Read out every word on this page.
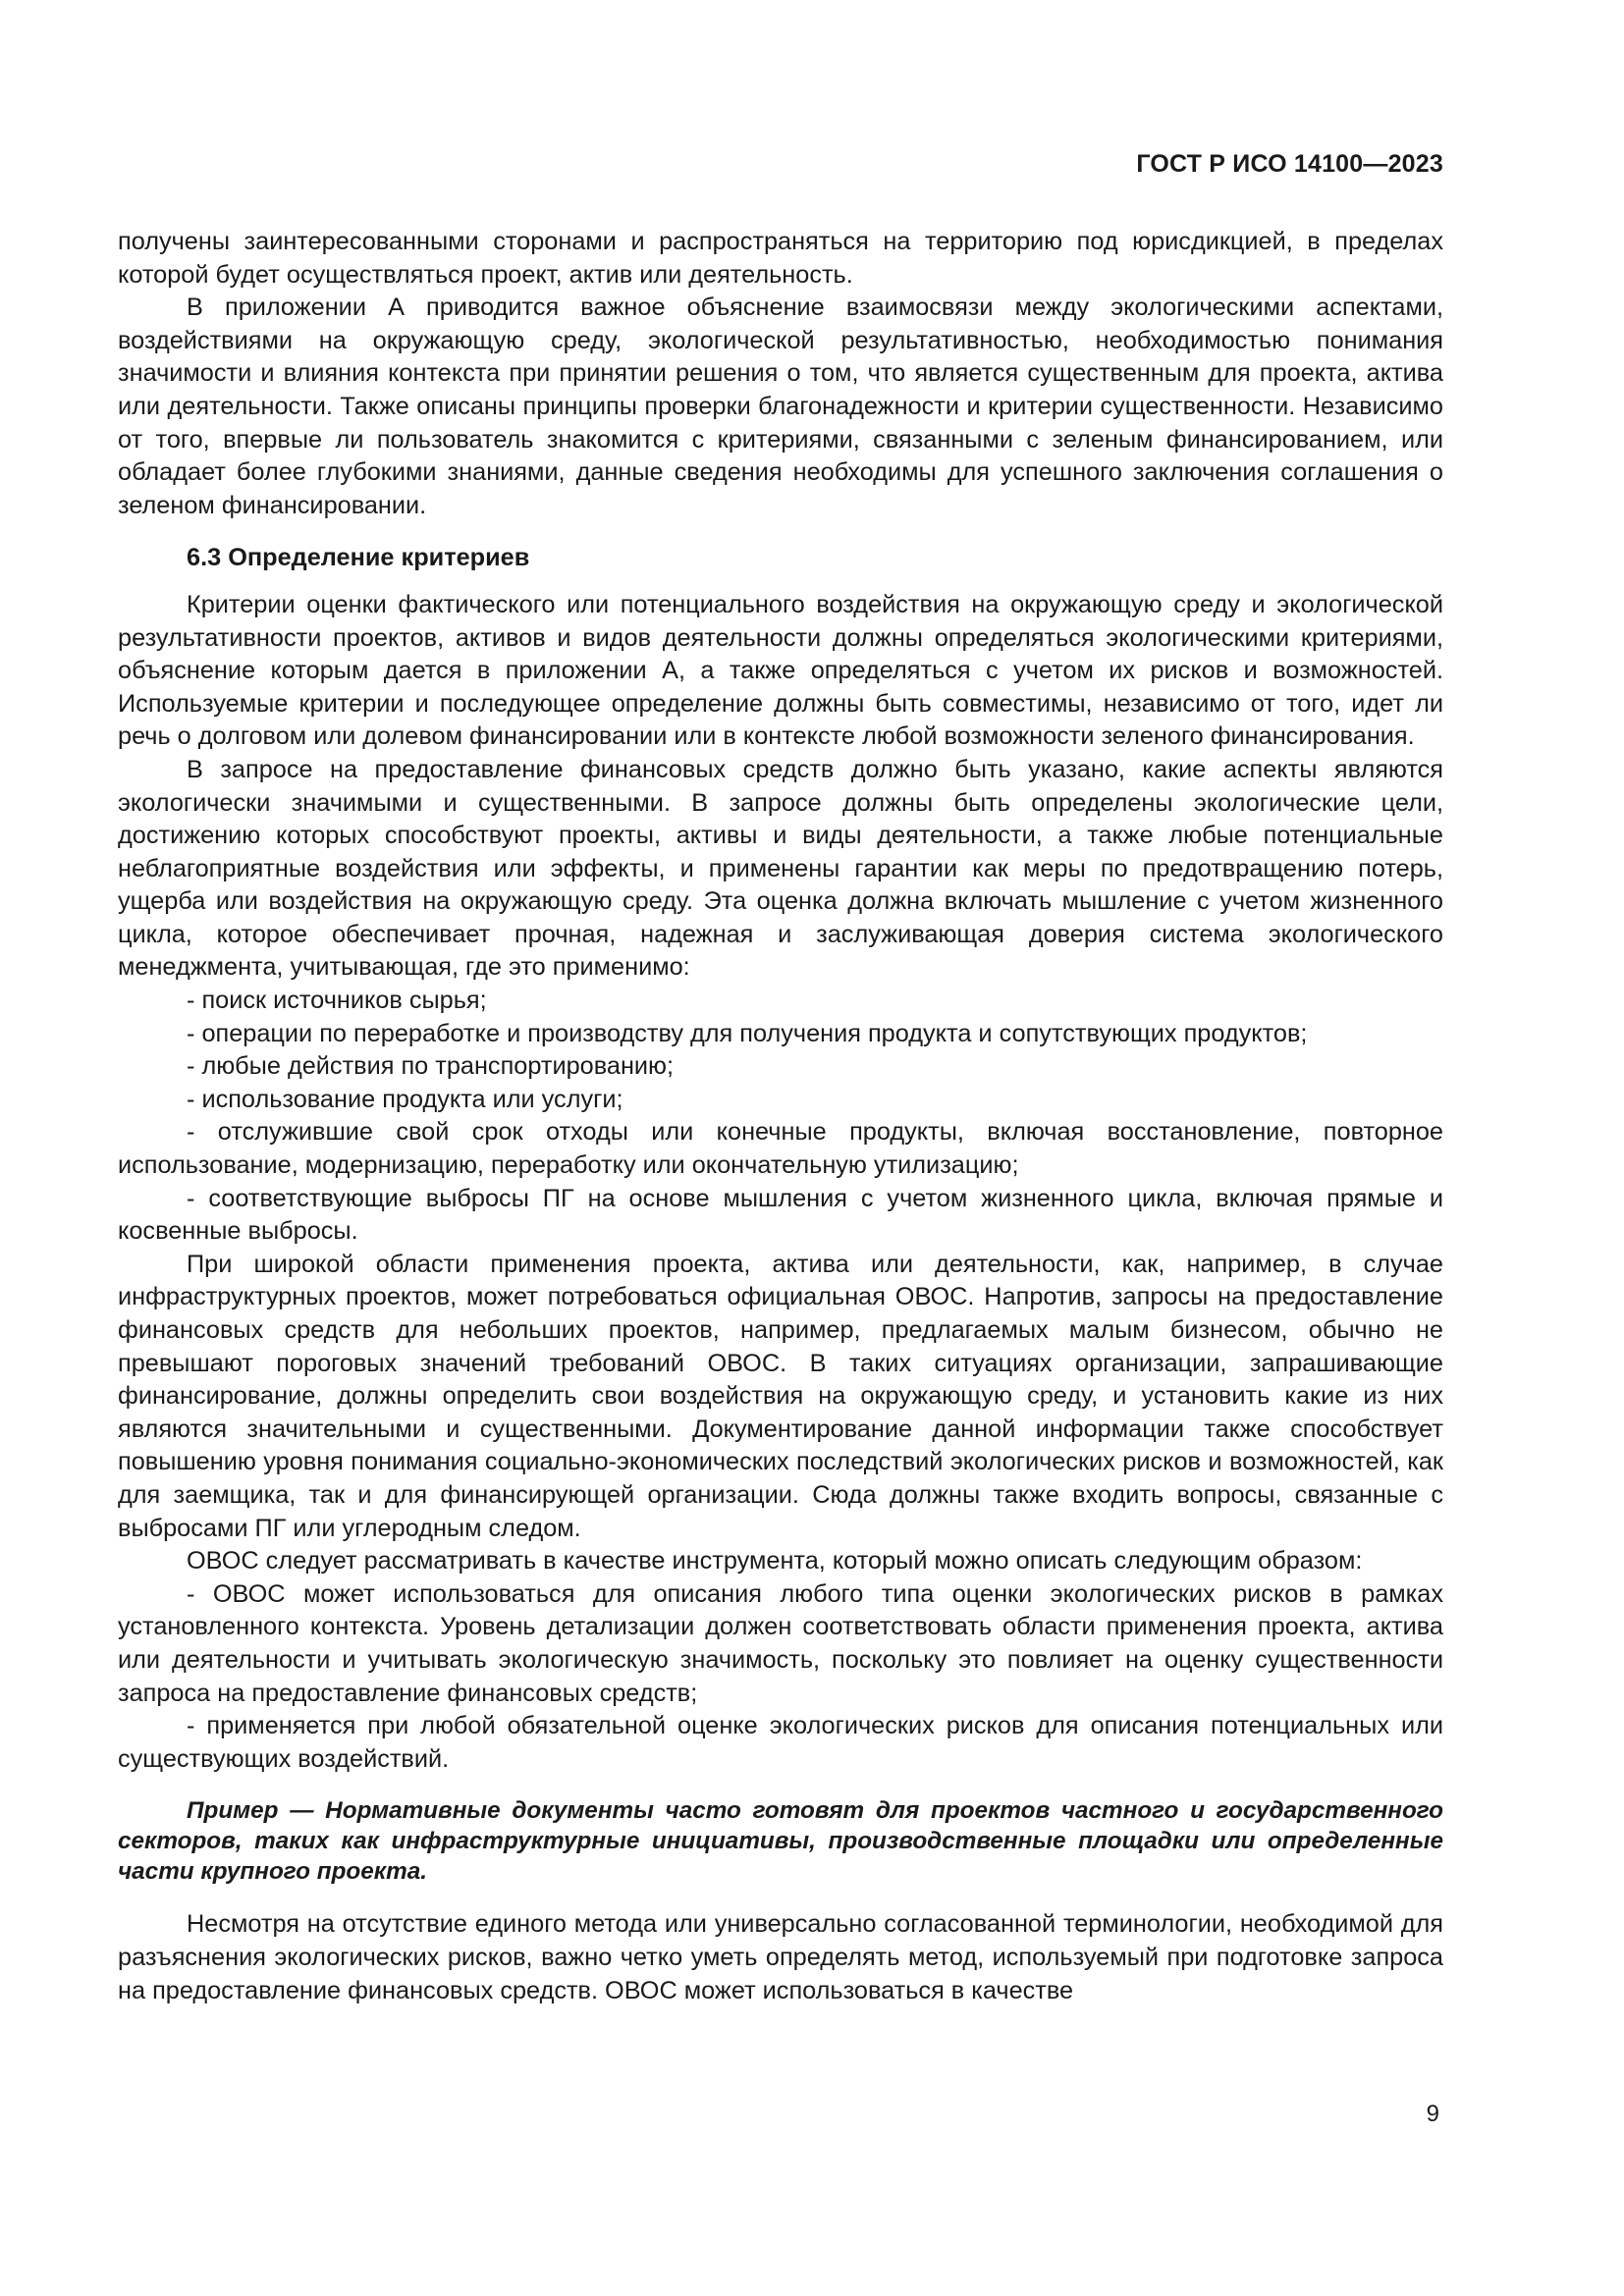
ГОСТ Р ИСО 14100—2023

получены заинтересованными сторонами и распространяться на территорию под юрисдикцией, в пределах которой будет осуществляться проект, актив или деятельность.

В приложении А приводится важное объяснение взаимосвязи между экологическими аспектами, воздействиями на окружающую среду, экологической результативностью, необходимостью понимания значимости и влияния контекста при принятии решения о том, что является существенным для проекта, актива или деятельности. Также описаны принципы проверки благонадежности и критерии существенности. Независимо от того, впервые ли пользователь знакомится с критериями, связанными с зеленым финансированием, или обладает более глубокими знаниями, данные сведения необходимы для успешного заключения соглашения о зеленом финансировании.

6.3 Определение критериев

Критерии оценки фактического или потенциального воздействия на окружающую среду и экологической результативности проектов, активов и видов деятельности должны определяться экологическими критериями, объяснение которым дается в приложении А, а также определяться с учетом их рисков и возможностей. Используемые критерии и последующее определение должны быть совместимы, независимо от того, идет ли речь о долговом или долевом финансировании или в контексте любой возможности зеленого финансирования.

В запросе на предоставление финансовых средств должно быть указано, какие аспекты являются экологически значимыми и существенными. В запросе должны быть определены экологические цели, достижению которых способствуют проекты, активы и виды деятельности, а также любые потенциальные неблагоприятные воздействия или эффекты, и применены гарантии как меры по предотвращению потерь, ущерба или воздействия на окружающую среду. Эта оценка должна включать мышление с учетом жизненного цикла, которое обеспечивает прочная, надежная и заслуживающая доверия система экологического менеджмента, учитывающая, где это применимо:

- поиск источников сырья;

- операции по переработке и производству для получения продукта и сопутствующих продуктов;

- любые действия по транспортированию;

- использование продукта или услуги;

- отслужившие свой срок отходы или конечные продукты, включая восстановление, повторное использование, модернизацию, переработку или окончательную утилизацию;

- соответствующие выбросы ПГ на основе мышления с учетом жизненного цикла, включая прямые и косвенные выбросы.

При широкой области применения проекта, актива или деятельности, как, например, в случае инфраструктурных проектов, может потребоваться официальная ОВОС. Напротив, запросы на предоставление финансовых средств для небольших проектов, например, предлагаемых малым бизнесом, обычно не превышают пороговых значений требований ОВОС. В таких ситуациях организации, запрашивающие финансирование, должны определить свои воздействия на окружающую среду, и установить какие из них являются значительными и существенными. Документирование данной информации также способствует повышению уровня понимания социально-экономических последствий экологических рисков и возможностей, как для заемщика, так и для финансирующей организации. Сюда должны также входить вопросы, связанные с выбросами ПГ или углеродным следом.

ОВОС следует рассматривать в качестве инструмента, который можно описать следующим образом:

- ОВОС может использоваться для описания любого типа оценки экологических рисков в рамках установленного контекста. Уровень детализации должен соответствовать области применения проекта, актива или деятельности и учитывать экологическую значимость, поскольку это повлияет на оценку существенности запроса на предоставление финансовых средств;

- применяется при любой обязательной оценке экологических рисков для описания потенциальных или существующих воздействий.

Пример — Нормативные документы часто готовят для проектов частного и государственного секторов, таких как инфраструктурные инициативы, производственные площадки или определенные части крупного проекта.

Несмотря на отсутствие единого метода или универсально согласованной терминологии, необходимой для разъяснения экологических рисков, важно четко уметь определять метод, используемый при подготовке запроса на предоставление финансовых средств. ОВОС может использоваться в качестве

9
